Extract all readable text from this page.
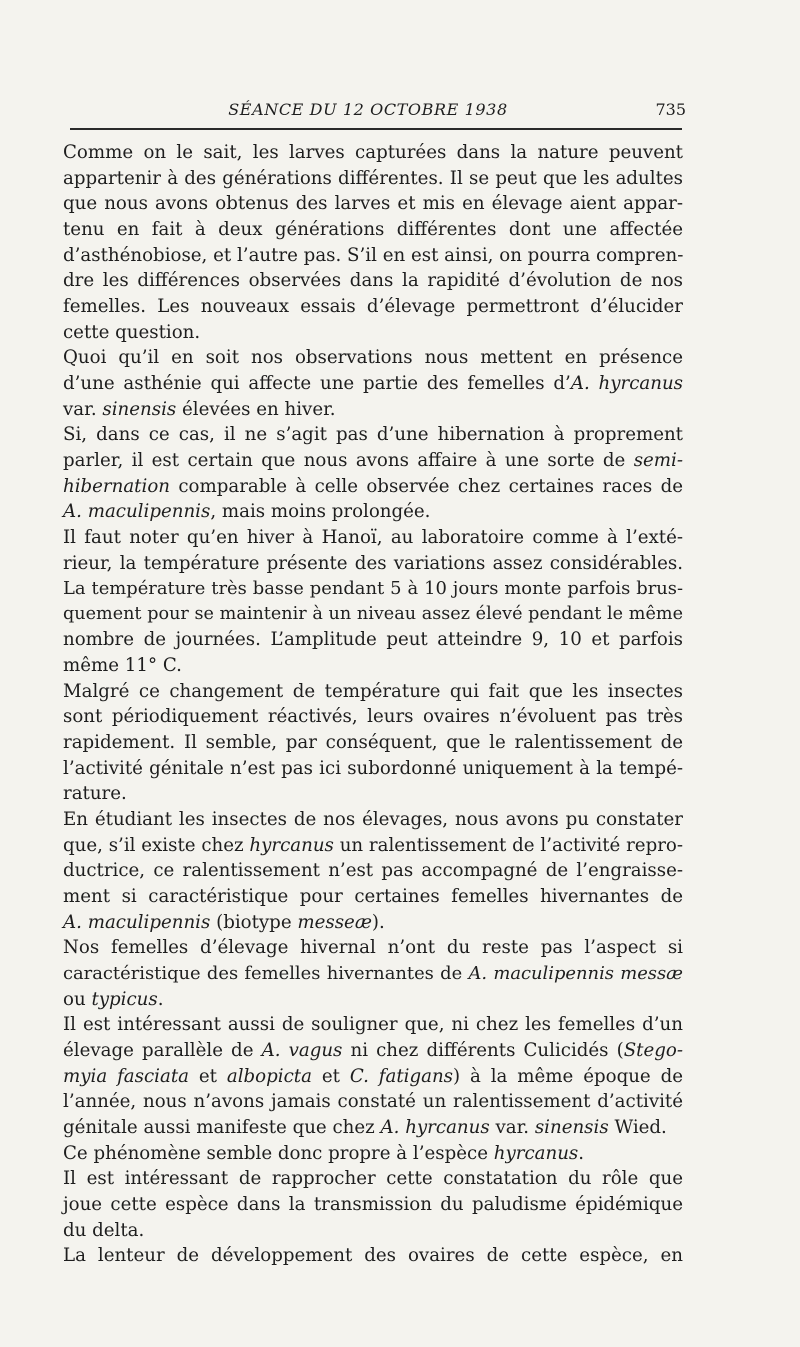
SÉANCE DU 12 OCTOBRE 1938	735
Comme on le sait, les larves capturées dans la nature peuvent
appartenir à des générations différentes. Il se peut que les adultes
que nous avons obtenus des larves et mis en élevage aient appar-
tenu en fait à deux générations différentes dont une affectée
d’asthénobiose, et l’autre pas. S’il en est ainsi, on pourra compren-
dre les différences observées dans la rapidité d’évolution de nos
femelles. Les nouveaux essais d’élevage permettront d’élucider
cette question.
Quoi qu’il en soit nos observations nous mettent en présence
d’une asthénie qui affecte une partie des femelles d’A. hyrcanus
var. sinensis élevées en hiver.
Si, dans ce cas, il ne s’agit pas d’une hibernation à proprement
parler, il est certain que nous avons affaire à une sorte de semi-
hibernation comparable à celle observée chez certaines races de
A. maculipennis, mais moins prolongée.
Il faut noter qu’en hiver à Hanoï, au laboratoire comme à l’exté-
rieur, la température présente des variations assez considérables.
La température très basse pendant 5 à 10 jours monte parfois brus-
quement pour se maintenir à un niveau assez élevé pendant le même
nombre de journées. L’amplitude peut atteindre 9, 10 et parfois
même 11° C.
Malgré ce changement de température qui fait que les insectes
sont périodiquement réactivés, leurs ovaires n’évoluent pas très
rapidement. Il semble, par conséquent, que le ralentissement de
l’activité génitale n’est pas ici subordonné uniquement à la tempé-
rature.
En étudiant les insectes de nos élevages, nous avons pu constater
que, s’il existe chez hyrcanus un ralentissement de l’activité repro-
ductrice, ce ralentissement n’est pas accompagné de l’engraisse-
ment si caractéristique pour certaines femelles hivernantes de
A. maculipennis (biotype messeæ).
Nos femelles d’élevage hivernal n’ont du reste pas l’aspect si
caractéristique des femelles hivernantes de A. maculipennis messæ
ou typicus.
Il est intéressant aussi de souligner que, ni chez les femelles d’un
élevage parallèle de A. vagus ni chez différents Culicidés (Stego-
myia fasciata et albopicta et C. fatigans) à la même époque de
l’année, nous n’avons jamais constaté un ralentissement d’activité
génitale aussi manifeste que chez A. hyrcanus var. sinensis Wied.
Ce phénomène semble donc propre à l’espèce hyrcanus.
Il est intéressant de rapprocher cette constatation du rôle que
joue cette espèce dans la transmission du paludisme épidémique
du delta.
La lenteur de développement des ovaires de cette espèce, en
